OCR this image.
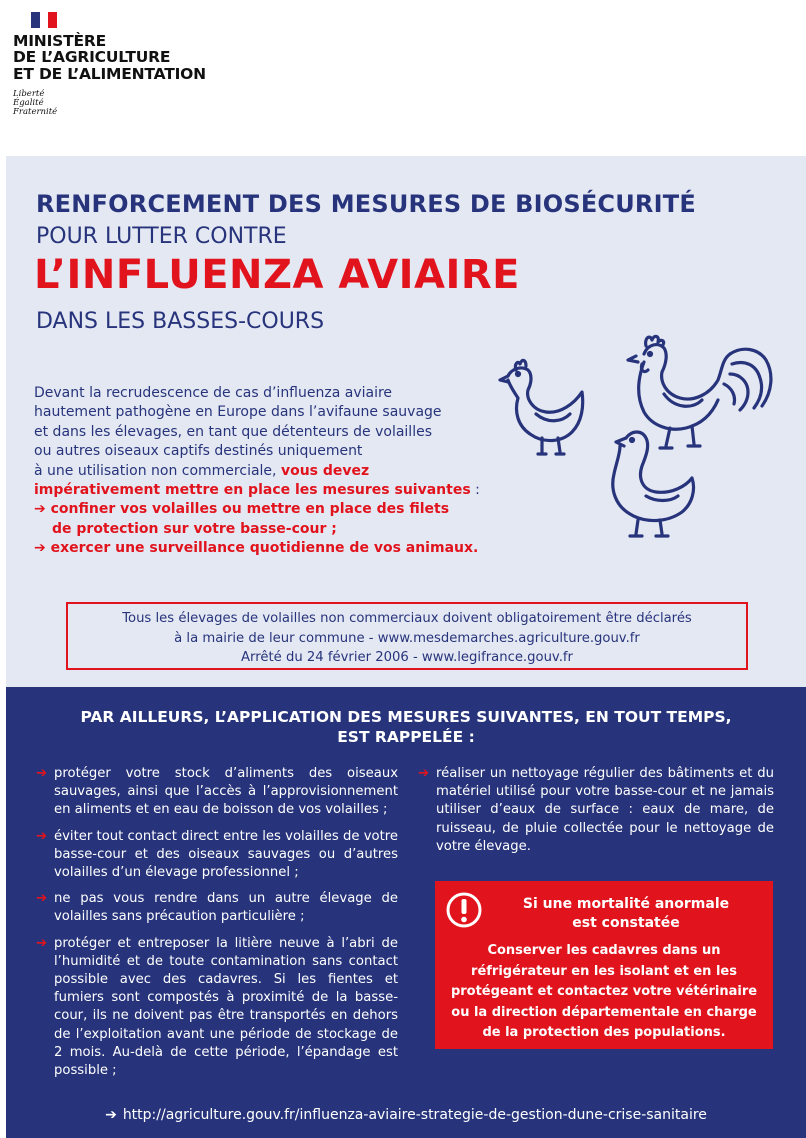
MINISTÈRE
DE L’AGRICULTURE
ET DE L’ALIMENTATION
Liberté
Égalité
Fraternité
RENFORCEMENT DES MESURES DE BIOSÉCURITÉ
POUR LUTTER CONTRE
L’INFLUENZA AVIAIRE
DANS LES BASSES-COURS
Devant la recrudescence de cas d’influenza aviaire
hautement pathogène en Europe dans l’avifaune sauvage
et dans les élevages, en tant que détenteurs de volailles
ou autres oiseaux captifs destinés uniquement
à une utilisation non commerciale, vous devez
impérativement mettre en place les mesures suivantes :
➔ confiner vos volailles ou mettre en place des filets
de protection sur votre basse-cour ;
➔ exercer une surveillance quotidienne de vos animaux.
Tous les élevages de volailles non commerciaux doivent obligatoirement être déclarés
à la mairie de leur commune - www.mesdemarches.agriculture.gouv.fr
Arrêté du 24 février 2006 - www.legifrance.gouv.fr
PAR AILLEURS, L’APPLICATION DES MESURES SUIVANTES, EN TOUT TEMPS,
EST RAPPELÉE :
➔ protéger votre stock d’aliments des oiseaux sauvages, ainsi que l’accès à l’approvisionnement en aliments et en eau de boisson de vos volailles ;
➔ éviter tout contact direct entre les volailles de votre basse-cour et des oiseaux sauvages ou d’autres volailles d’un élevage professionnel ;
➔ ne pas vous rendre dans un autre élevage de volailles sans précaution particulière ;
➔ protéger et entreposer la litière neuve à l’abri de l’humidité et de toute contamination sans contact possible avec des cadavres. Si les fientes et fumiers sont compostés à proximité de la basse-cour, ils ne doivent pas être transportés en dehors de l’exploitation avant une période de stockage de 2 mois. Au-delà de cette période, l’épandage est possible ;
➔ réaliser un nettoyage régulier des bâtiments et du matériel utilisé pour votre basse-cour et ne jamais utiliser d’eaux de surface : eaux de mare, de ruisseau, de pluie collectée pour le nettoyage de votre élevage.
Si une mortalité anormale
est constatée
Conserver les cadavres dans un
réfrigérateur en les isolant et en les
protégeant et contactez votre vétérinaire
ou la direction départementale en charge
de la protection des populations.
➔ http://agriculture.gouv.fr/influenza-aviaire-strategie-de-gestion-dune-crise-sanitaire
